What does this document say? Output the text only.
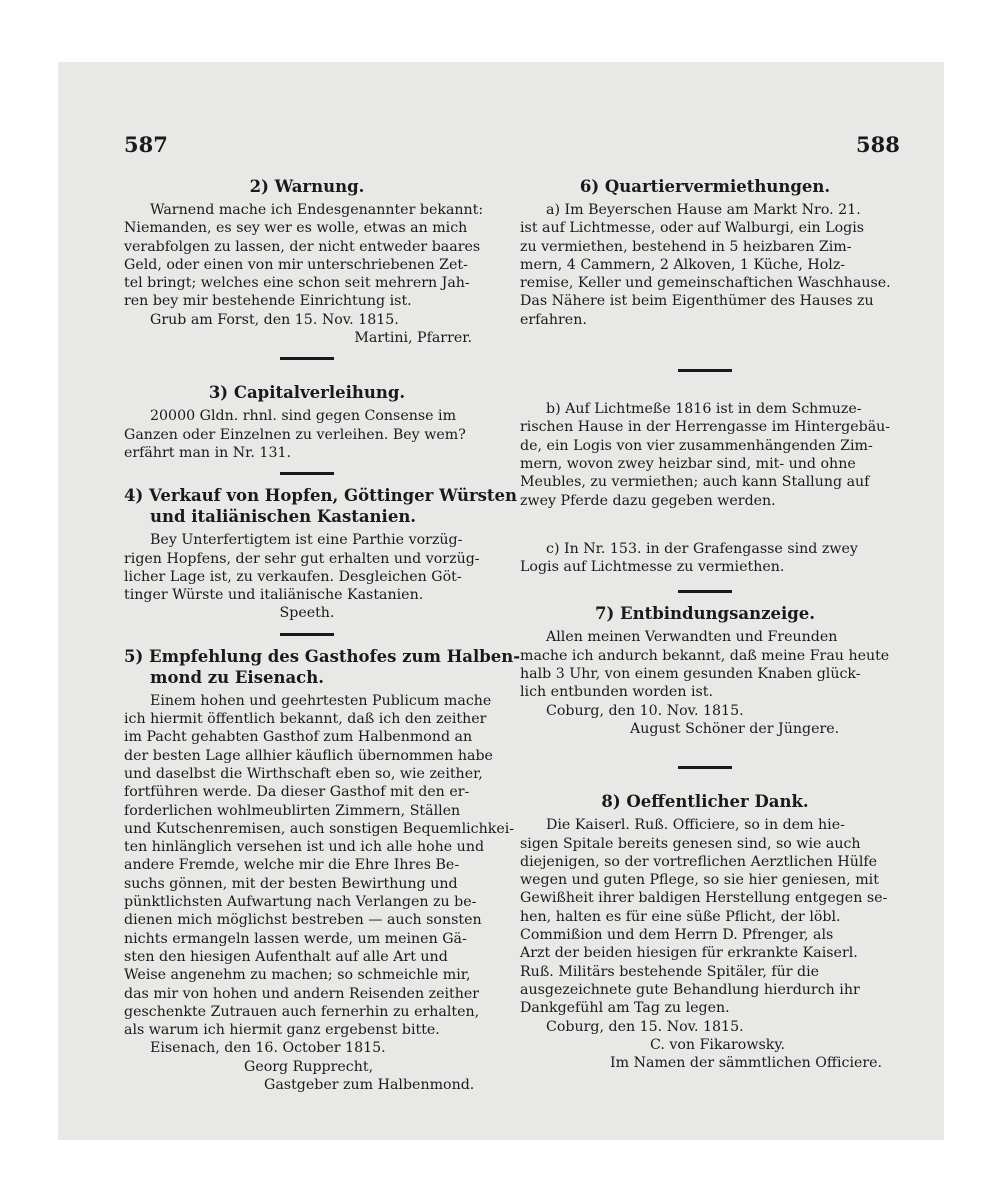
587	588
2) Warnung.
Warnend mache ich Endesgenannter bekannt:
Niemanden, es sey wer es wolle, etwas an mich
verabfolgen zu lassen, der nicht entweder baares
Geld, oder einen von mir unterschriebenen Zet-
tel bringt; welches eine schon seit mehrern Jah-
ren bey mir bestehende Einrichtung ist.
Grub am Forst, den 15. Nov. 1815.
Martini, Pfarrer.
3) Capitalverleihung.
20000 Gldn. rhnl. sind gegen Consense im
Ganzen oder Einzelnen zu verleihen. Bey wem?
erfährt man in Nr. 131.
4) Verkauf von Hopfen, Göttinger Würsten
und italiänischen Kastanien.
Bey Unterfertigtem ist eine Parthie vorzüg-
rigen Hopfens, der sehr gut erhalten und vorzüg-
licher Lage ist, zu verkaufen. Desgleichen Göt-
tinger Würste und italiänische Kastanien.
Speeth.
5) Empfehlung des Gasthofes zum Halben-
mond zu Eisenach.
Einem hohen und geehrtesten Publicum mache
ich hiermit öffentlich bekannt, daß ich den zeither
im Pacht gehabten Gasthof zum Halbenmond an
der besten Lage allhier käuflich übernommen habe
und daselbst die Wirthschaft eben so, wie zeither,
fortführen werde. Da dieser Gasthof mit den er-
forderlichen wohlmeublirten Zimmern, Ställen
und Kutschenremisen, auch sonstigen Bequemlichkei-
ten hinlänglich versehen ist und ich alle hohe und
andere Fremde, welche mir die Ehre Ihres Be-
suchs gönnen, mit der besten Bewirthung und
pünktlichsten Aufwartung nach Verlangen zu be-
dienen mich möglichst bestreben — auch sonsten
nichts ermangeln lassen werde, um meinen Gä-
sten den hiesigen Aufenthalt auf alle Art und
Weise angenehm zu machen; so schmeichle mir,
das mir von hohen und andern Reisenden zeither
geschenkte Zutrauen auch fernerhin zu erhalten,
als warum ich hiermit ganz ergebenst bitte.
Eisenach, den 16. October 1815.
Georg Rupprecht,
Gastgeber zum Halbenmond.
6) Quartiervermiethungen.
a) Im Beyerschen Hause am Markt Nro. 21.
ist auf Lichtmesse, oder auf Walburgi, ein Logis
zu vermiethen, bestehend in 5 heizbaren Zim-
mern, 4 Cammern, 2 Alkoven, 1 Küche, Holz-
remise, Keller und gemeinschaftichen Waschhause.
Das Nähere ist beim Eigenthümer des Hauses zu
erfahren.
b) Auf Lichtmeße 1816 ist in dem Schmuze-
rischen Hause in der Herrengasse im Hintergebäu-
de, ein Logis von vier zusammenhängenden Zim-
mern, wovon zwey heizbar sind, mit- und ohne
Meubles, zu vermiethen; auch kann Stallung auf
zwey Pferde dazu gegeben werden.
c) In Nr. 153. in der Grafengasse sind zwey
Logis auf Lichtmesse zu vermiethen.
7) Entbindungsanzeige.
Allen meinen Verwandten und Freunden
mache ich andurch bekannt, daß meine Frau heute
halb 3 Uhr, von einem gesunden Knaben glück-
lich entbunden worden ist.
Coburg, den 10. Nov. 1815.
August Schöner der Jüngere.
8) Oeffentlicher Dank.
Die Kaiserl. Ruß. Officiere, so in dem hie-
sigen Spitale bereits genesen sind, so wie auch
diejenigen, so der vortreflichen Aerztlichen Hülfe
wegen und guten Pflege, so sie hier geniesen, mit
Gewißheit ihrer baldigen Herstellung entgegen se-
hen, halten es für eine süße Pflicht, der löbl.
Commißion und dem Herrn D. Pfrenger, als
Arzt der beiden hiesigen für erkrankte Kaiserl.
Ruß. Militärs bestehende Spitäler, für die
ausgezeichnete gute Behandlung hierdurch ihr
Dankgefühl am Tag zu legen.
Coburg, den 15. Nov. 1815.
C. von Fikarowsky.
Im Namen der sämmtlichen Officiere.
